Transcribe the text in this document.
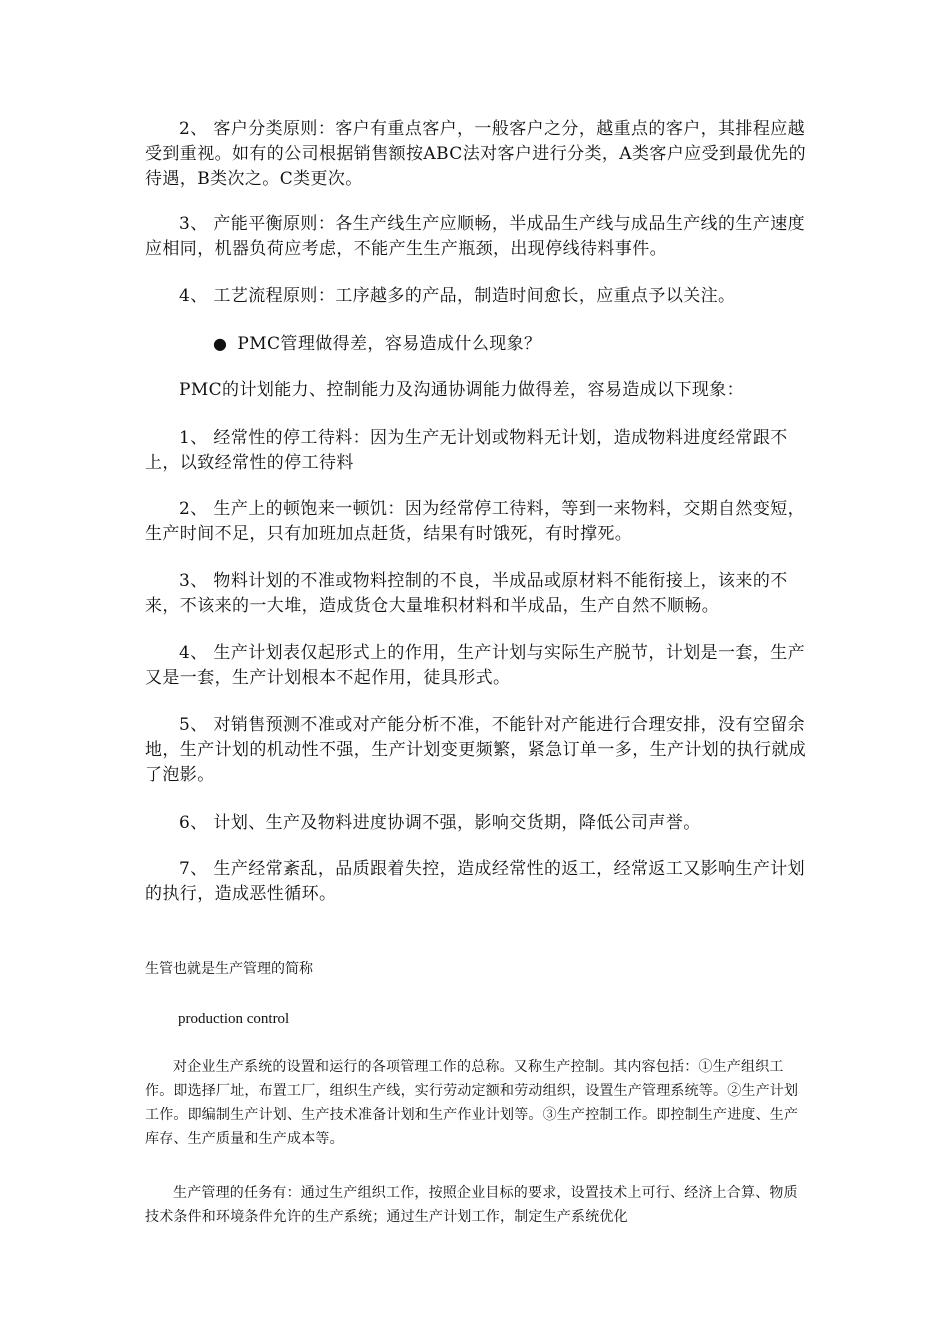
2、 客户分类原则：客户有重点客户，一般客户之分，越重点的客户，其排程应越受到重视。如有的公司根据销售额按ABC法对客户进行分类，A类客户应受到最优先的待遇，B类次之。C类更次。

3、 产能平衡原则：各生产线生产应顺畅，半成品生产线与成品生产线的生产速度应相同，机器负荷应考虑，不能产生生产瓶颈，出现停线待料事件。

4、 工艺流程原则：工序越多的产品，制造时间愈长，应重点予以关注。

● PMC管理做得差，容易造成什么现象？

PMC的计划能力、控制能力及沟通协调能力做得差，容易造成以下现象：

1、 经常性的停工待料：因为生产无计划或物料无计划，造成物料进度经常跟不上，以致经常性的停工待料

2、 生产上的顿饱来一顿饥：因为经常停工待料，等到一来物料，交期自然变短，生产时间不足，只有加班加点赶货，结果有时饿死，有时撑死。

3、 物料计划的不准或物料控制的不良，半成品或原材料不能衔接上，该来的不来，不该来的一大堆，造成货仓大量堆积材料和半成品，生产自然不顺畅。

4、 生产计划表仅起形式上的作用，生产计划与实际生产脱节，计划是一套，生产又是一套，生产计划根本不起作用，徒具形式。

5、 对销售预测不准或对产能分析不准，不能针对产能进行合理安排，没有空留余地，生产计划的机动性不强，生产计划变更频繁，紧急订单一多，生产计划的执行就成了泡影。

6、 计划、生产及物料进度协调不强，影响交货期，降低公司声誉。

7、 生产经常紊乱，品质跟着失控，造成经常性的返工，经常返工又影响生产计划的执行，造成恶性循环。

生管也就是生产管理的简称

production control

对企业生产系统的设置和运行的各项管理工作的总称。又称生产控制。其内容包括：①生产组织工作。即选择厂址，布置工厂，组织生产线，实行劳动定额和劳动组织，设置生产管理系统等。②生产计划工作。即编制生产计划、生产技术准备计划和生产作业计划等。③生产控制工作。即控制生产进度、生产库存、生产质量和生产成本等。

生产管理的任务有：通过生产组织工作，按照企业目标的要求，设置技术上可行、经济上合算、物质技术条件和环境条件允许的生产系统；通过生产计划工作，制定生产系统优化
